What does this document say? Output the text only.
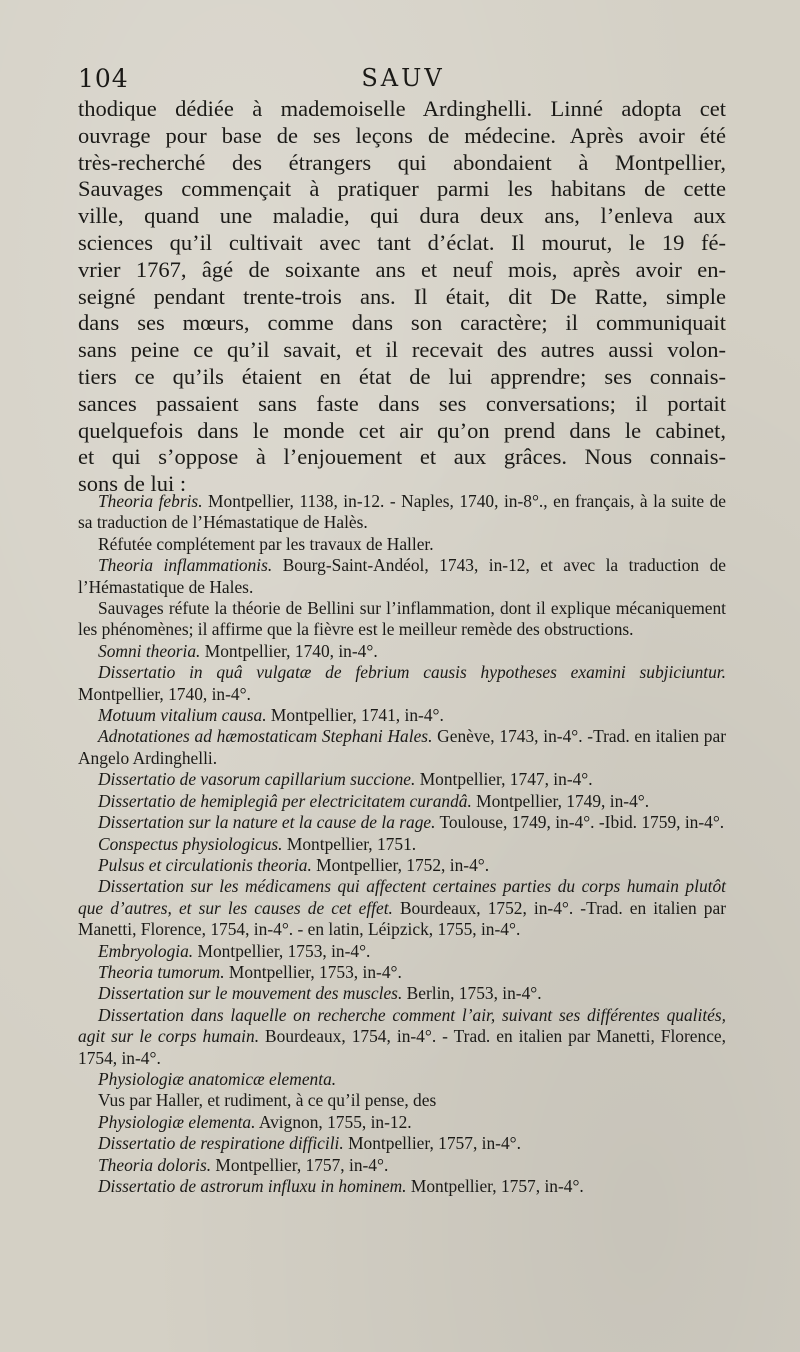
104	SAUV
thodique dédiée à mademoiselle Ardinghelli. Linné adopta cet
ouvrage pour base de ses leçons de médecine. Après avoir été
très-recherché des étrangers qui abondaient à Montpellier,
Sauvages commençait à pratiquer parmi les habitans de cette
ville, quand une maladie, qui dura deux ans, l’enleva aux
sciences qu’il cultivait avec tant d’éclat. Il mourut, le 19 fé-
vrier 1767, âgé de soixante ans et neuf mois, après avoir en-
seigné pendant trente-trois ans. Il était, dit De Ratte, simple
dans ses mœurs, comme dans son caractère; il communiquait
sans peine ce qu’il savait, et il recevait des autres aussi volon-
tiers ce qu’ils étaient en état de lui apprendre; ses connais-
sances passaient sans faste dans ses conversations; il portait
quelquefois dans le monde cet air qu’on prend dans le cabinet,
et qui s’oppose à l’enjouement et aux grâces. Nous connais-
sons de lui :
Theoria febris. Montpellier, 1138, in-12. - Naples, 1740, in-8°., en français, à la suite de sa traduction de l’Hémastatique de Halès.
Réfutée complétement par les travaux de Haller.
Theoria inflammationis. Bourg-Saint-Andéol, 1743, in-12, et avec la traduction de l’Hémastatique de Hales.
Sauvages réfute la théorie de Bellini sur l’inflammation, dont il explique mécaniquement les phénomènes; il affirme que la fièvre est le meilleur remède des obstructions.
Somni theoria. Montpellier, 1740, in-4°.
Dissertatio in quâ vulgatæ de febrium causis hypotheses examini subjiciuntur. Montpellier, 1740, in-4°.
Motuum vitalium causa. Montpellier, 1741, in-4°.
Adnotationes ad hæmostaticam Stephani Hales. Genève, 1743, in-4°. -Trad. en italien par Angelo Ardinghelli.
Dissertatio de vasorum capillarium succione. Montpellier, 1747, in-4°.
Dissertatio de hemiplegiâ per electricitatem curandâ. Montpellier, 1749, in-4°.
Dissertation sur la nature et la cause de la rage. Toulouse, 1749, in-4°. -Ibid. 1759, in-4°.
Conspectus physiologicus. Montpellier, 1751.
Pulsus et circulationis theoria. Montpellier, 1752, in-4°.
Dissertation sur les médicamens qui affectent certaines parties du corps humain plutôt que d’autres, et sur les causes de cet effet. Bourdeaux, 1752, in-4°. -Trad. en italien par Manetti, Florence, 1754, in-4°. - en latin, Léipzick, 1755, in-4°.
Embryologia. Montpellier, 1753, in-4°.
Theoria tumorum. Montpellier, 1753, in-4°.
Dissertation sur le mouvement des muscles. Berlin, 1753, in-4°.
Dissertation dans laquelle on recherche comment l’air, suivant ses différentes qualités, agit sur le corps humain. Bourdeaux, 1754, in-4°. - Trad. en italien par Manetti, Florence, 1754, in-4°.
Physiologiæ anatomicæ elementa.
Vus par Haller, et rudiment, à ce qu’il pense, des
Physiologiæ elementa. Avignon, 1755, in-12.
Dissertatio de respiratione difficili. Montpellier, 1757, in-4°.
Theoria doloris. Montpellier, 1757, in-4°.
Dissertatio de astrorum influxu in hominem. Montpellier, 1757, in-4°.
